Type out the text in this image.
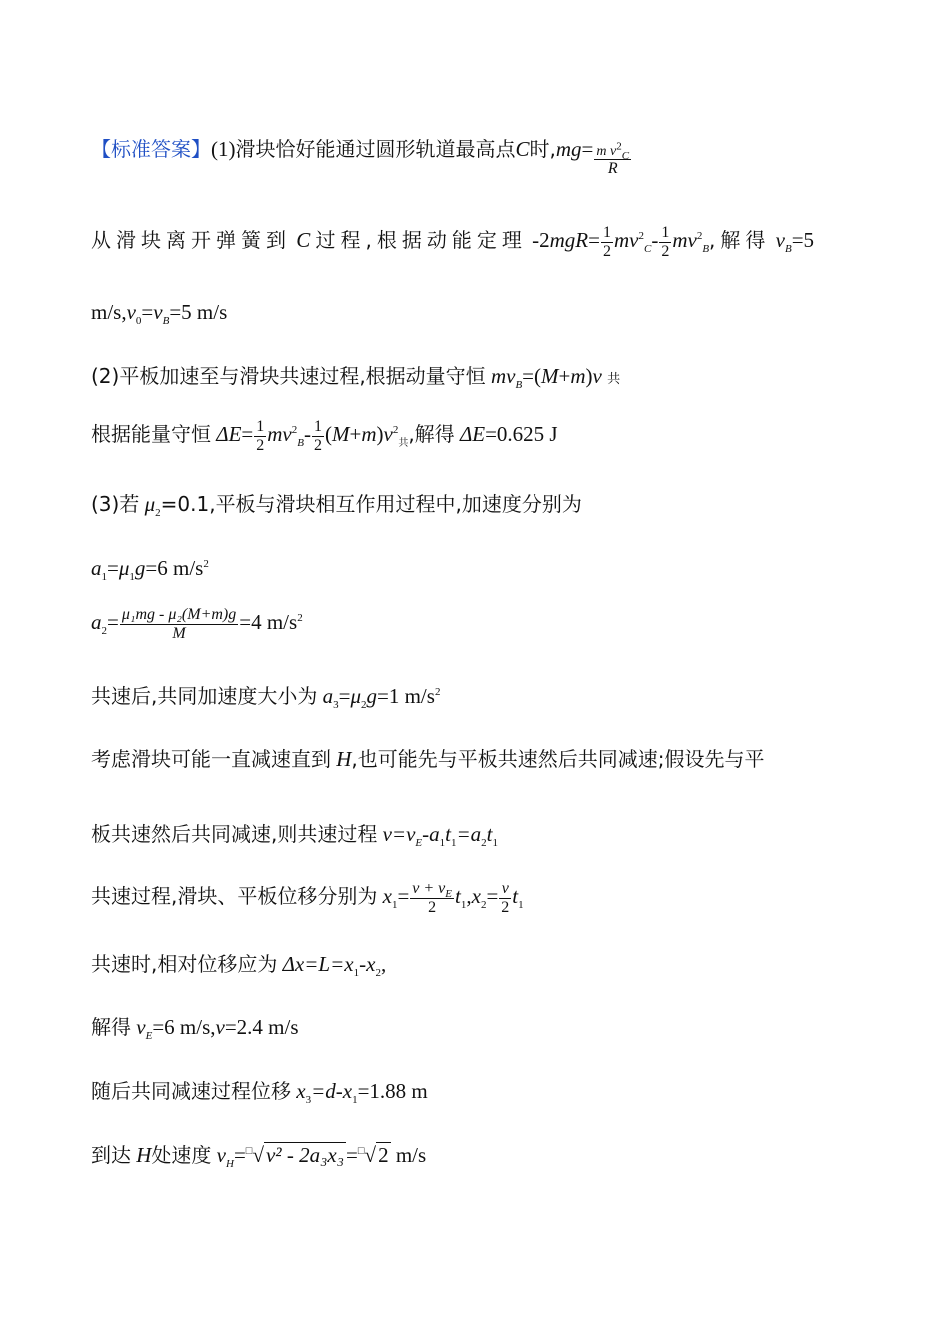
【标准答案】(1)滑块恰好能通过圆形轨道最高点C时$,mg= \frac{m v^2_C}{R}$
从滑块离开弹簧到 C 过程,根据动能定理 $-2mgR= \frac{1}{2} mv^2_C- \frac{1}{2} mv^2_B$,解得 $v_B=5$
$m/s,v_0=v_B=5$ m/s
(2)平板加速至与滑块共速过程,根据动量守恒 $mv_B=(M+m)v$ 共
根据能量守恒 $\Delta E= \frac{1}{2} mv^2_B- \frac{1}{2} (M+m)v^2_共$,解得 ΔE=0.625 J
(3)若 $\mu_2=0.1$,平板与滑块相互作用过程中,加速度分别为
$a_1=\mu_1g=6$ $m/s^2$
$a_2= \frac{\text{μ₁mg - μ₂(M+m)g}}{M} =4$ $m/s^2$
共速后,共同加速度大小为 $a_3=\mu_2g=1$ $m/s^2$
考虑滑块可能一直减速直到 H,也可能先与平板共速然后共同减速;假设先与平
板共速然后共同减速,则共速过程 $v=v_E-a_1t_1=a_2t_1$
共速过程,滑块、平板位移分别为 $x_1= \frac{v + v_E}{2} t_1,x_2= \frac{v}{2} t_1$
共速时,相对位移应为 $\Delta x=L=x_1-x_2$,
解得 $v_E=6$ m/s,v=2.4 m/s
随后共同减速过程位移 $x_3=d-x_1=1.88$ m
到达 H处速度 $v_H=^□√v^2 - 2a_3x_3=^□√2$ m/s
